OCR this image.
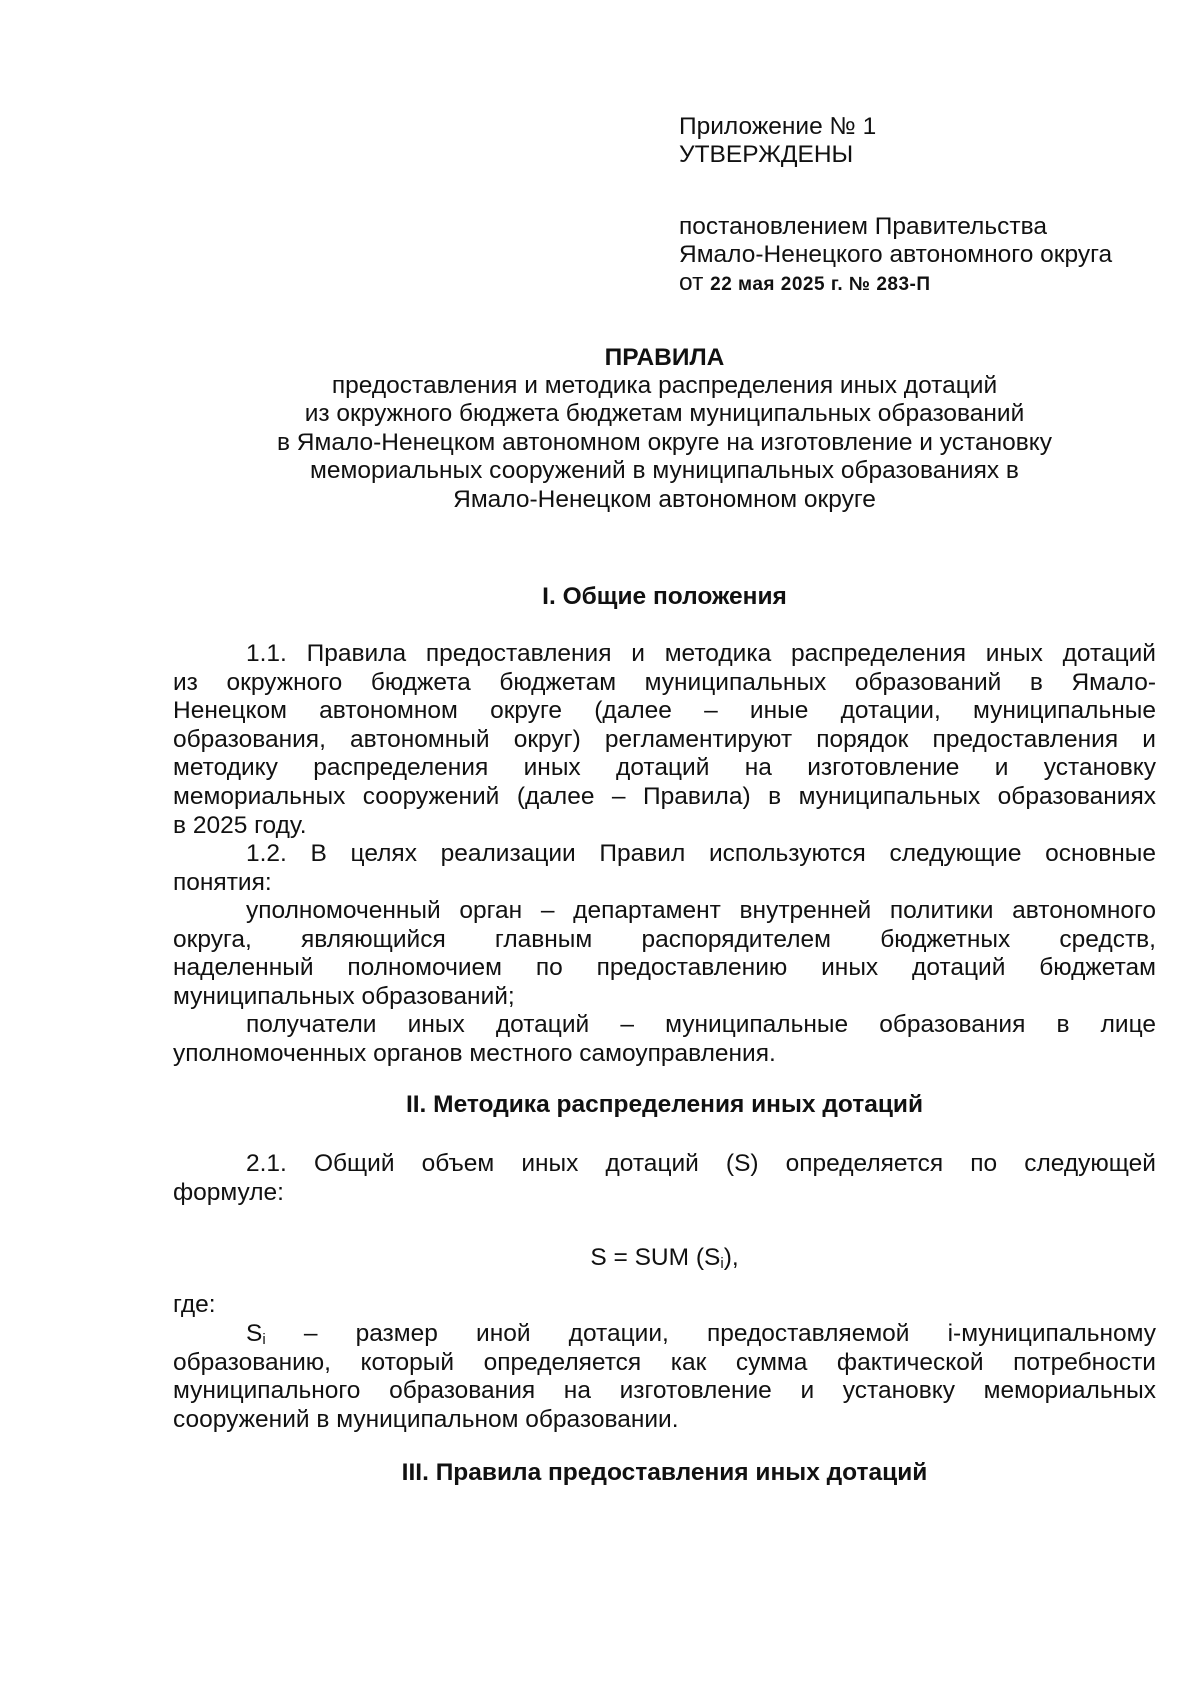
Приложение № 1
УТВЕРЖДЕНЫ
постановлением Правительства
Ямало-Ненецкого автономного округа
от 22 мая 2025 г. № 283-П
ПРАВИЛА
предоставления и методика распределения иных дотаций
из окружного бюджета бюджетам муниципальных образований
в Ямало-Ненецком автономном округе на изготовление и установку
мемориальных сооружений в муниципальных образованиях в
Ямало-Ненецком автономном округе
I. Общие положения
1.1. Правила предоставления и методика распределения иных дотаций
из окружного бюджета бюджетам муниципальных образований в Ямало-
Ненецком автономном округе (далее – иные дотации, муниципальные
образования, автономный округ) регламентируют порядок предоставления и
методику распределения иных дотаций на изготовление и установку
мемориальных сооружений (далее – Правила) в муниципальных образованиях
в 2025 году.
1.2. В целях реализации Правил используются следующие основные
понятия:
уполномоченный орган – департамент внутренней политики автономного
округа, являющийся главным распорядителем бюджетных средств,
наделенный полномочием по предоставлению иных дотаций бюджетам
муниципальных образований;
получатели иных дотаций – муниципальные образования в лице
уполномоченных органов местного самоуправления.
II. Методика распределения иных дотаций
2.1. Общий объем иных дотаций (S) определяется по следующей
формуле:
S = SUM $(S_i)$,
где:
$S_i$ – размер иной дотации, предоставляемой i-муниципальному
образованию, который определяется как сумма фактической потребности
муниципального образования на изготовление и установку мемориальных
сооружений в муниципальном образовании.
III. Правила предоставления иных дотаций
